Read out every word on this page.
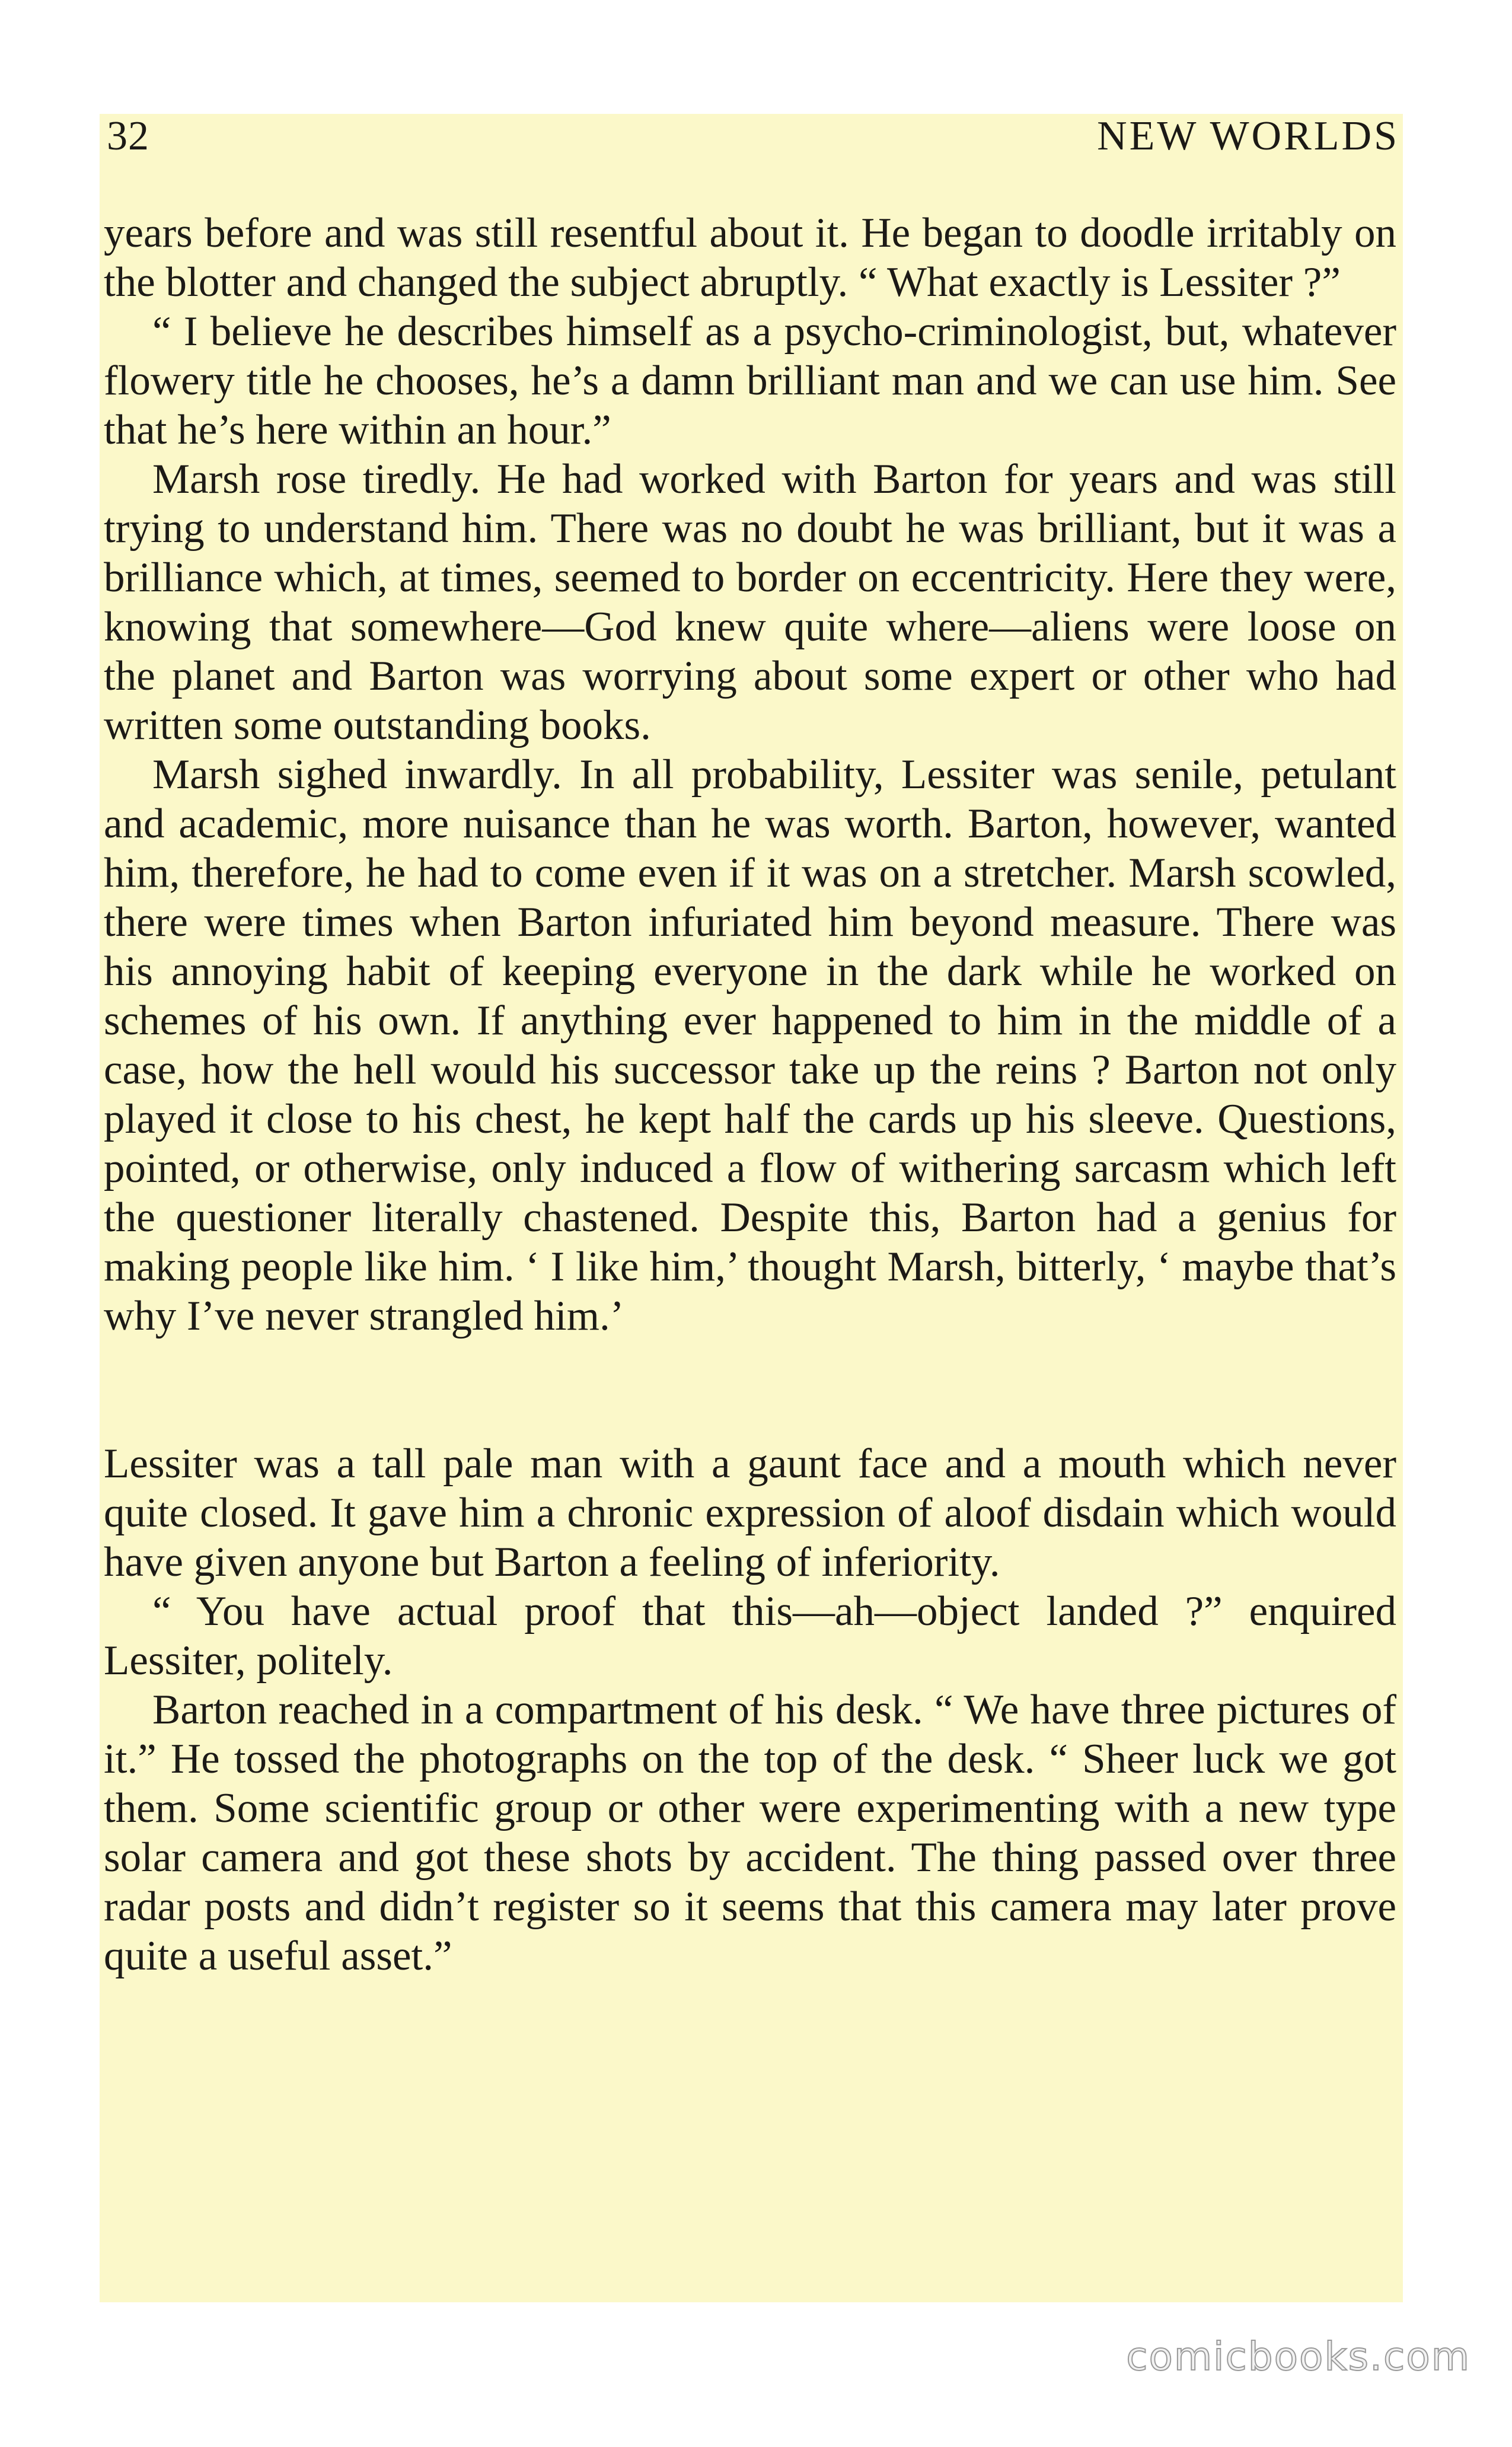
32	NEW WORLDS

years before and was still resentful about it. He began to doodle irritably on the blotter and changed the subject abruptly. “ What exactly is Lessiter ?”

“ I believe he describes himself as a psycho-criminologist, but, whatever flowery title he chooses, he’s a damn brilliant man and we can use him. See that he’s here within an hour.”

Marsh rose tiredly. He had worked with Barton for years and was still trying to understand him. There was no doubt he was brilliant, but it was a brilliance which, at times, seemed to border on eccentricity. Here they were, knowing that somewhere—God knew quite where—aliens were loose on the planet and Barton was worrying about some expert or other who had written some outstanding books.

Marsh sighed inwardly. In all probability, Lessiter was senile, petulant and academic, more nuisance than he was worth. Barton, however, wanted him, therefore, he had to come even if it was on a stretcher. Marsh scowled, there were times when Barton infuriated him beyond measure. There was his annoying habit of keeping everyone in the dark while he worked on schemes of his own. If anything ever happened to him in the middle of a case, how the hell would his successor take up the reins ? Barton not only played it close to his chest, he kept half the cards up his sleeve. Questions, pointed, or otherwise, only induced a flow of withering sarcasm which left the questioner literally chastened. Despite this, Barton had a genius for making people like him. ‘ I like him,’ thought Marsh, bitterly, ‘ maybe that’s why I’ve never strangled him.’

Lessiter was a tall pale man with a gaunt face and a mouth which never quite closed. It gave him a chronic expression of aloof disdain which would have given anyone but Barton a feeling of inferiority.

“ You have actual proof that this—ah—object landed ?” enquired Lessiter, politely.

Barton reached in a compartment of his desk. “ We have three pictures of it.” He tossed the photographs on the top of the desk. “ Sheer luck we got them. Some scientific group or other were experimenting with a new type solar camera and got these shots by accident. The thing passed over three radar posts and didn’t register so it seems that this camera may later prove quite a useful asset.”

comicbooks.com
